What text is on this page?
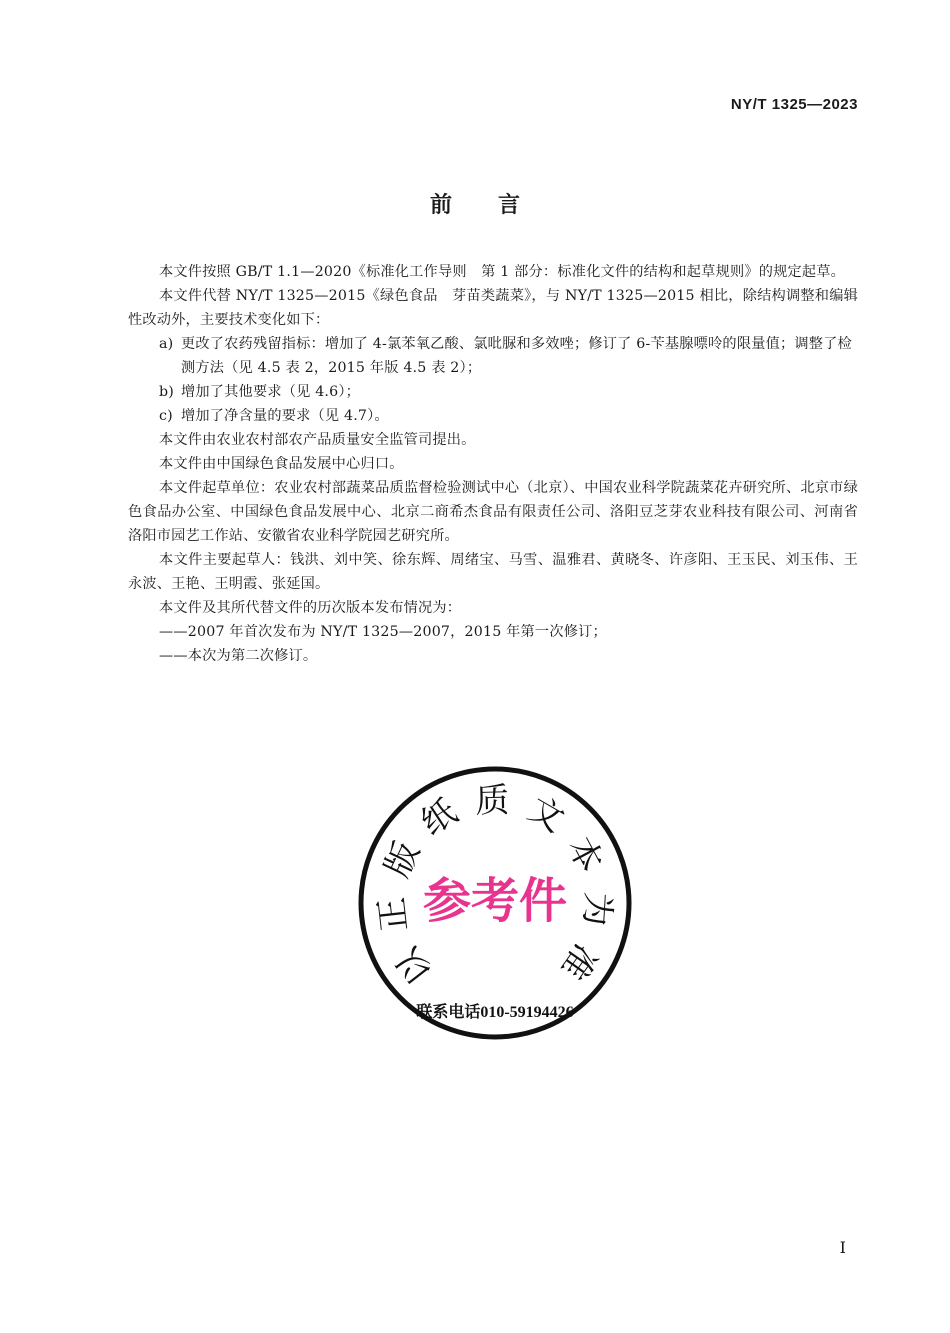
NY/T 1325—2023
前言

本文件按照 GB/T 1.1—2020《标准化工作导则　第 1 部分：标准化文件的结构和起草规则》的规定起草。

本文件代替 NY/T 1325—2015《绿色食品　芽苗类蔬菜》，与 NY/T 1325—2015 相比，除结构调整和编辑性改动外，主要技术变化如下：

a) 更改了农药残留指标：增加了 4-氯苯氧乙酸、氯吡脲和多效唑；修订了 6-苄基腺嘌呤的限量值；调整了检测方法（见 4.5 表 2，2015 年版 4.5 表 2）；

b) 增加了其他要求（见 4.6）；

c) 增加了净含量的要求（见 4.7）。

本文件由农业农村部农产品质量安全监管司提出。

本文件由中国绿色食品发展中心归口。

本文件起草单位：农业农村部蔬菜品质监督检验测试中心（北京）、中国农业科学院蔬菜花卉研究所、北京市绿色食品办公室、中国绿色食品发展中心、北京二商希杰食品有限责任公司、洛阳豆芝芽农业科技有限公司、河南省洛阳市园艺工作站、安徽省农业科学院园艺研究所。

本文件主要起草人：钱洪、刘中笑、徐东辉、周绪宝、马雪、温雅君、黄晓冬、许彦阳、王玉民、刘玉伟、王永波、王艳、王明霞、张延国。

本文件及其所代替文件的历次版本发布情况为：

——2007 年首次发布为 NY/T 1325—2007，2015 年第一次修订；

——本次为第二次修订。

以
正
版
纸 质 文
本
为
准
参考件
联系电话010-59194426
I
